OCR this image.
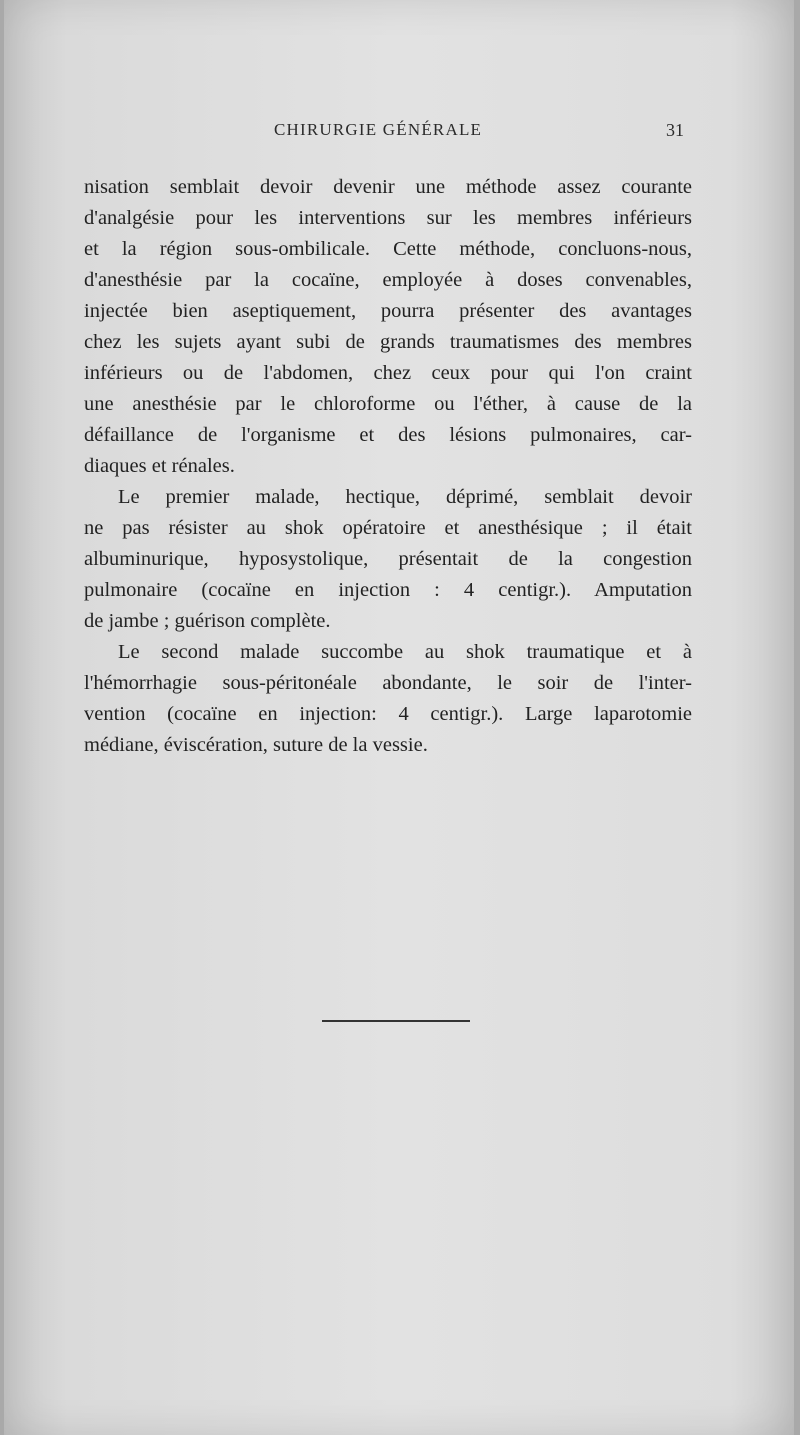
CHIRURGIE GÉNÉRALE	31
nisation semblait devoir devenir une méthode assez courante
d'analgésie pour les interventions sur les membres inférieurs
et la région sous-ombilicale. Cette méthode, concluons-nous,
d'anesthésie par la cocaïne, employée à doses convenables,
injectée bien aseptiquement, pourra présenter des avantages
chez les sujets ayant subi de grands traumatismes des membres
inférieurs ou de l'abdomen, chez ceux pour qui l'on craint
une anesthésie par le chloroforme ou l'éther, à cause de la
défaillance de l'organisme et des lésions pulmonaires, car-
diaques et rénales.
Le premier malade, hectique, déprimé, semblait devoir
ne pas résister au shok opératoire et anesthésique ; il était
albuminurique, hyposystolique, présentait de la congestion
pulmonaire (cocaïne en injection : 4 centigr.). Amputation
de jambe ; guérison complète.
Le second malade succombe au shok traumatique et à
l'hémorrhagie sous-péritonéale abondante, le soir de l'inter-
vention (cocaïne en injection: 4 centigr.). Large laparotomie
médiane, éviscération, suture de la vessie.
